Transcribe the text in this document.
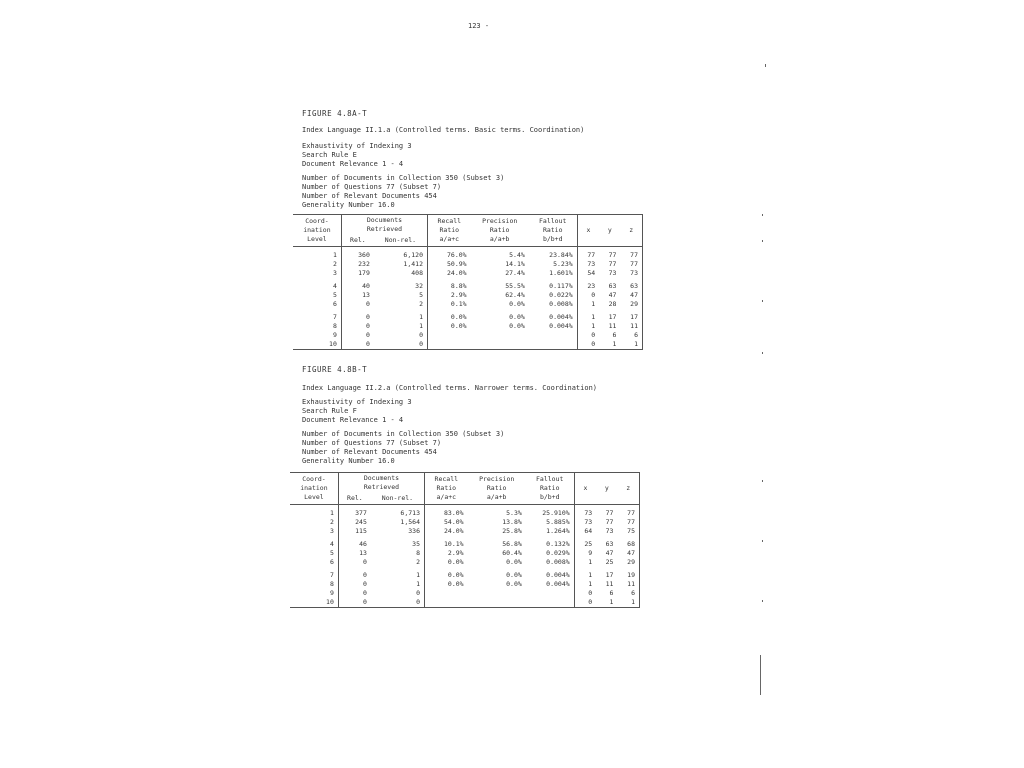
123 -
FIGURE 4.8A-T
Index Language II.1.a (Controlled terms. Basic terms. Coordination)
Exhaustivity of Indexing 3
Search Rule E
Document Relevance 1 - 4
Number of Documents in Collection 350 (Subset 3)
Number of Questions 77 (Subset 7)
Number of Relevant Documents 454
Generality Number 16.0
Coord-
ination
Level	Documents
Retrieved		Recall
Ratio
a/a+c	Precision
Ratio
a/a+b	Fallout
Ratio
b/b+d	x	y	z
	Rel.	Non-rel.						

1	360	6,120	76.0%	5.4%	23.84%	77	77	77
2	232	1,412	50.9%	14.1%	5.23%	73	77	77
3	179	408	24.0%	27.4%	1.601%	54	73	73

4	40	32	8.8%	55.5%	0.117%	23	63	63
5	13	5	2.9%	62.4%	0.022%	0	47	47
6	0	2	0.1%	0.0%	0.008%	1	28	29

7	0	1	0.0%	0.0%	0.004%	1	17	17
8	0	1	0.0%	0.0%	0.004%	1	11	11
9	0	0				0	6	6
10	0	0				0	1	1
FIGURE 4.8B-T
Index Language II.2.a (Controlled terms. Narrower terms. Coordination)
Exhaustivity of Indexing 3
Search Rule F
Document Relevance 1 - 4
Number of Documents in Collection 350 (Subset 3)
Number of Questions 77 (Subset 7)
Number of Relevant Documents 454
Generality Number 16.0
Coord-
ination
Level	Documents
Retrieved		Recall
Ratio
a/a+c	Precision
Ratio
a/a+b	Fallout
Ratio
b/b+d	x	y	z
	Rel.	Non-rel.						

1	377	6,713	83.0%	5.3%	25.910%	73	77	77
2	245	1,564	54.0%	13.8%	5.885%	73	77	77
3	115	336	24.0%	25.8%	1.264%	64	73	75

4	46	35	10.1%	56.8%	0.132%	25	63	68
5	13	8	2.9%	60.4%	0.029%	9	47	47
6	0	2	0.0%	0.0%	0.008%	1	25	29

7	0	1	0.0%	0.0%	0.004%	1	17	19
8	0	1	0.0%	0.0%	0.004%	1	11	11
9	0	0				0	6	6
10	0	0				0	1	1
